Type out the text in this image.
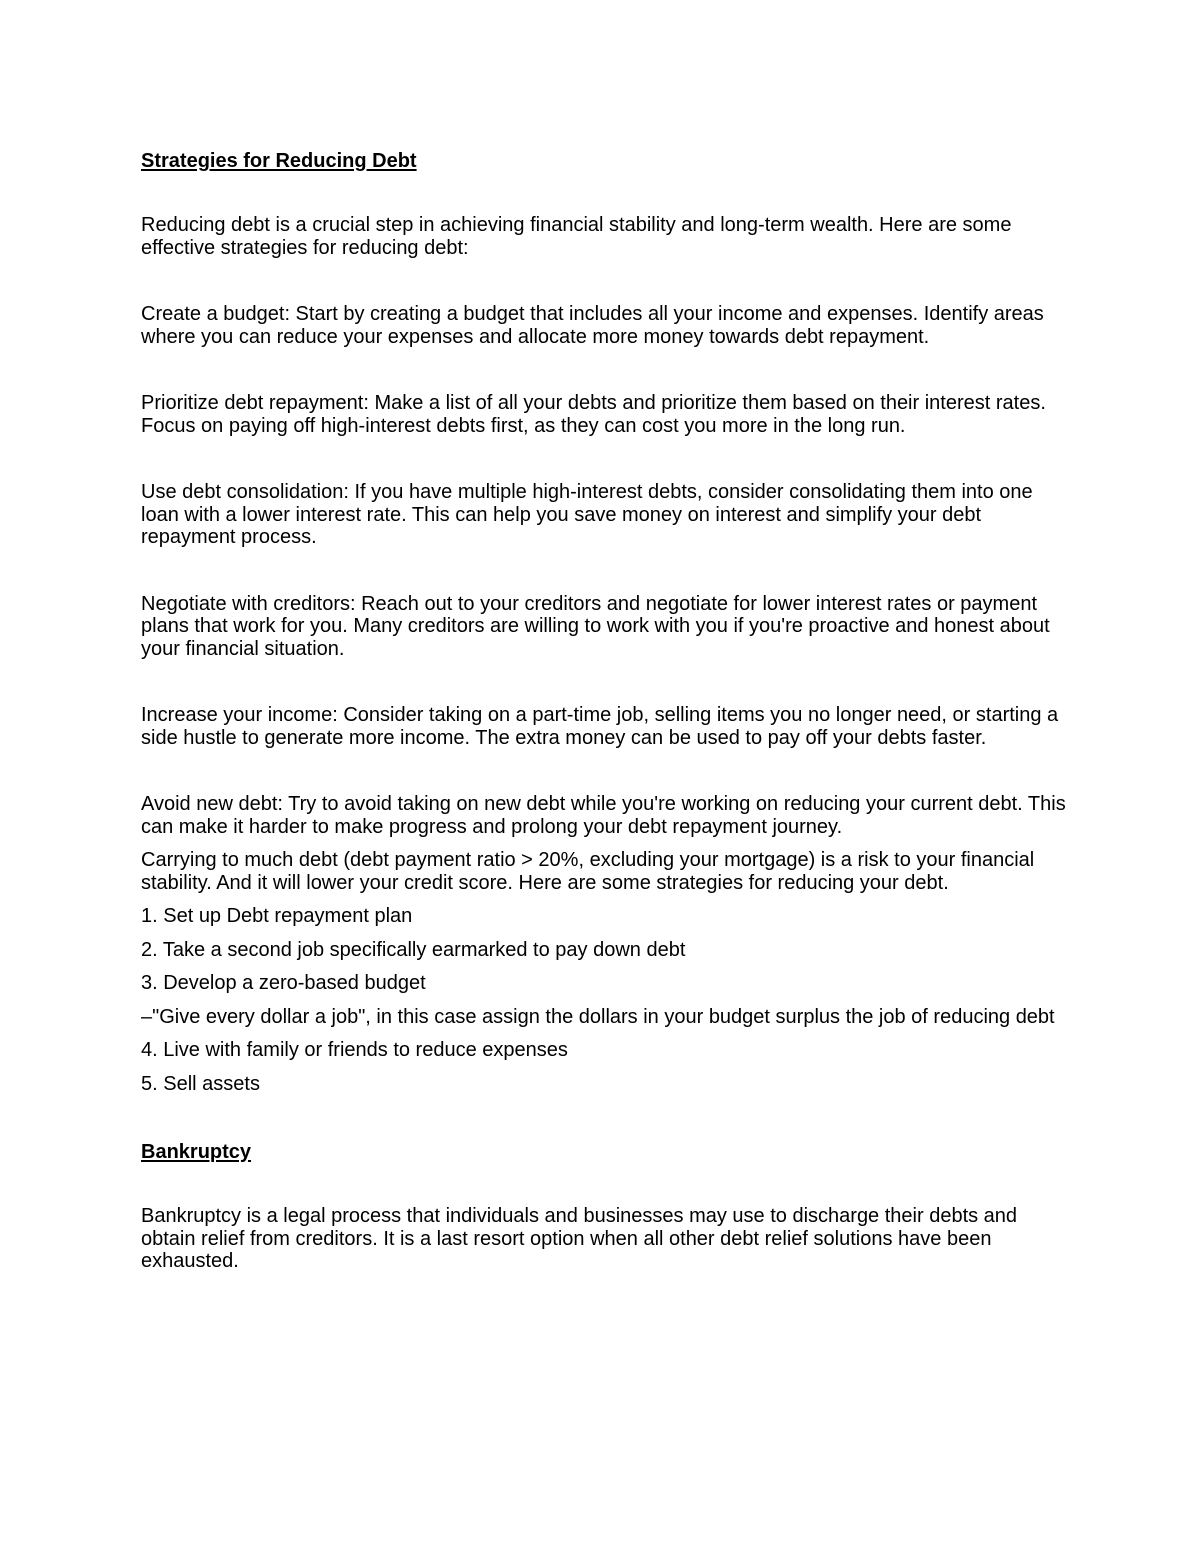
Strategies for Reducing Debt

Reducing debt is a crucial step in achieving financial stability and long-term wealth. Here are some effective strategies for reducing debt:

Create a budget: Start by creating a budget that includes all your income and expenses. Identify areas where you can reduce your expenses and allocate more money towards debt repayment.

Prioritize debt repayment: Make a list of all your debts and prioritize them based on their interest rates. Focus on paying off high-interest debts first, as they can cost you more in the long run.

Use debt consolidation: If you have multiple high-interest debts, consider consolidating them into one loan with a lower interest rate. This can help you save money on interest and simplify your debt repayment process.

Negotiate with creditors: Reach out to your creditors and negotiate for lower interest rates or payment plans that work for you. Many creditors are willing to work with you if you're proactive and honest about your financial situation.

Increase your income: Consider taking on a part-time job, selling items you no longer need, or starting a side hustle to generate more income. The extra money can be used to pay off your debts faster.

Avoid new debt: Try to avoid taking on new debt while you're working on reducing your current debt. This can make it harder to make progress and prolong your debt repayment journey.

Carrying to much debt (debt payment ratio > 20%, excluding your mortgage) is a risk to your financial stability. And it will lower your credit score. Here are some strategies for reducing your debt.

1. Set up Debt repayment plan

2. Take a second job specifically earmarked to pay down debt

3. Develop a zero-based budget

–"Give every dollar a job", in this case assign the dollars in your budget surplus the job of reducing debt

4. Live with family or friends to reduce expenses

5. Sell assets

Bankruptcy

Bankruptcy is a legal process that individuals and businesses may use to discharge their debts and obtain relief from creditors. It is a last resort option when all other debt relief solutions have been exhausted.
